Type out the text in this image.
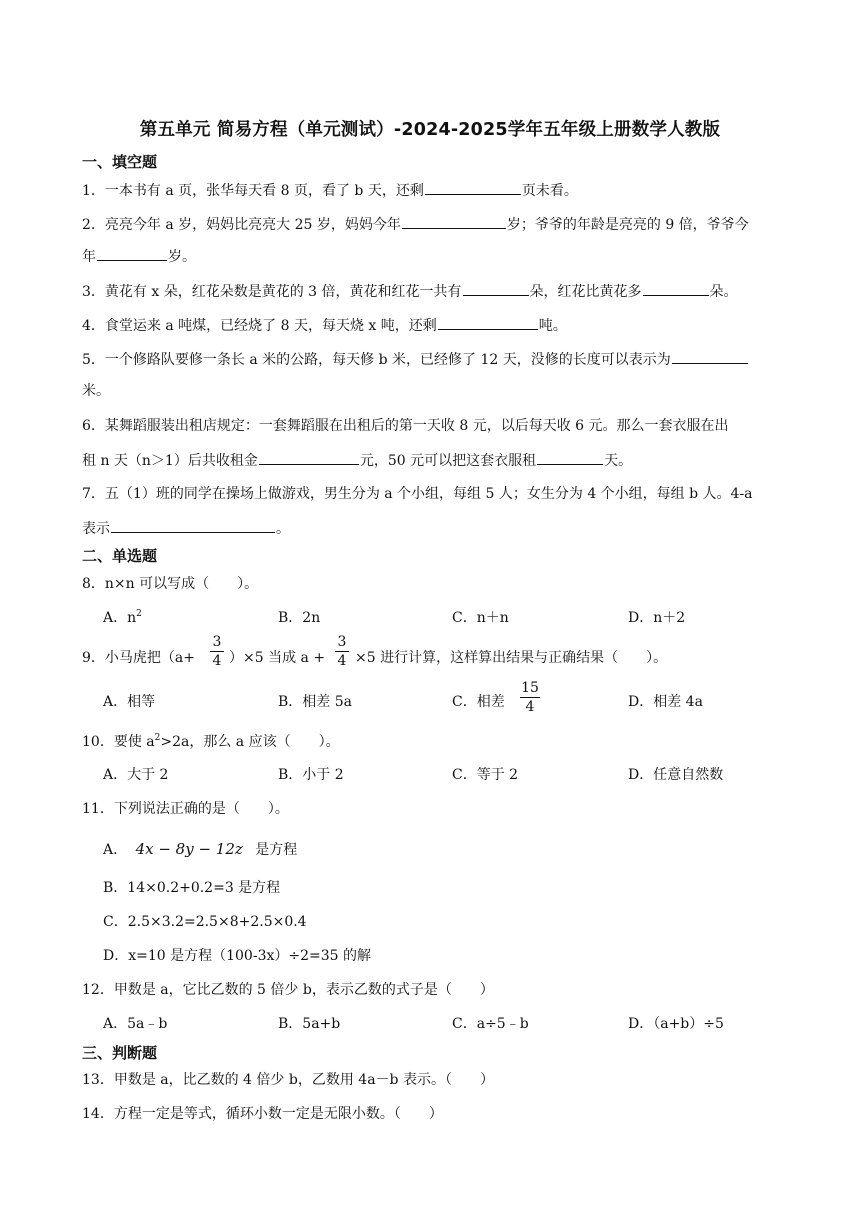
第五单元 简易方程（单元测试）-2024-2025学年五年级上册数学人教版
一、填空题
1．一本书有 a 页，张华每天看 8 页，看了 b 天，还剩	页未看。
2．亮亮今年 a 岁，妈妈比亮亮大 25 岁，妈妈今年	岁；爷爷的年龄是亮亮的 9 倍，爷爷今
年	岁。
3．黄花有 x 朵，红花朵数是黄花的 3 倍，黄花和红花一共有	朵，红花比黄花多	朵。
4．食堂运来 a 吨煤，已经烧了 8 天，每天烧 x 吨，还剩	吨。
5．一个修路队要修一条长 a 米的公路，每天修 b 米，已经修了 12 天，没修的长度可以表示为
米。
6．某舞蹈服装出租店规定：一套舞蹈服在出租后的第一天收 8 元，以后每天收 6 元。那么一套衣服在出
租 n 天（n＞1）后共收租金	元，50 元可以把这套衣服租	天。
7．五（1）班的同学在操场上做游戏，男生分为 a 个小组，每组 5 人；女生分为 4 个小组，每组 b 人。4-a
表示	。
二、单选题
8．n×n 可以写成（　　）。
A．$n^2$	B．2n	C．n＋n	D．n＋2
9．小马虎把（a+
3
4 ）×5 当成 a +
3
4 ×5 进行计算，这样算出结果与正确结果（　　）。
A．相等	B．相差 5a	C．相差
15
4	D．相差 4a
10．要使 $a^2>2a$，那么 a 应该（　　）。
A．大于 2	B．小于 2	C．等于 2	D．任意自然数
11．下列说法正确的是（　　）。
A． 4x − 8y − 12z 是方程
B．14×0.2+0.2=3 是方程
C．2.5×3.2=2.5×8+2.5×0.4
D．x=10 是方程（100-3x）÷2=35 的解
12．甲数是 a，它比乙数的 5 倍少 b，表示乙数的式子是（　　）
A．5a﹣b	B．5a+b	C．a÷5﹣b	D．（a+b）÷5
三、判断题
13．甲数是 a，比乙数的 4 倍少 b，乙数用 4a－b 表示。（　　）
14．方程一定是等式，循环小数一定是无限小数。（　　）
